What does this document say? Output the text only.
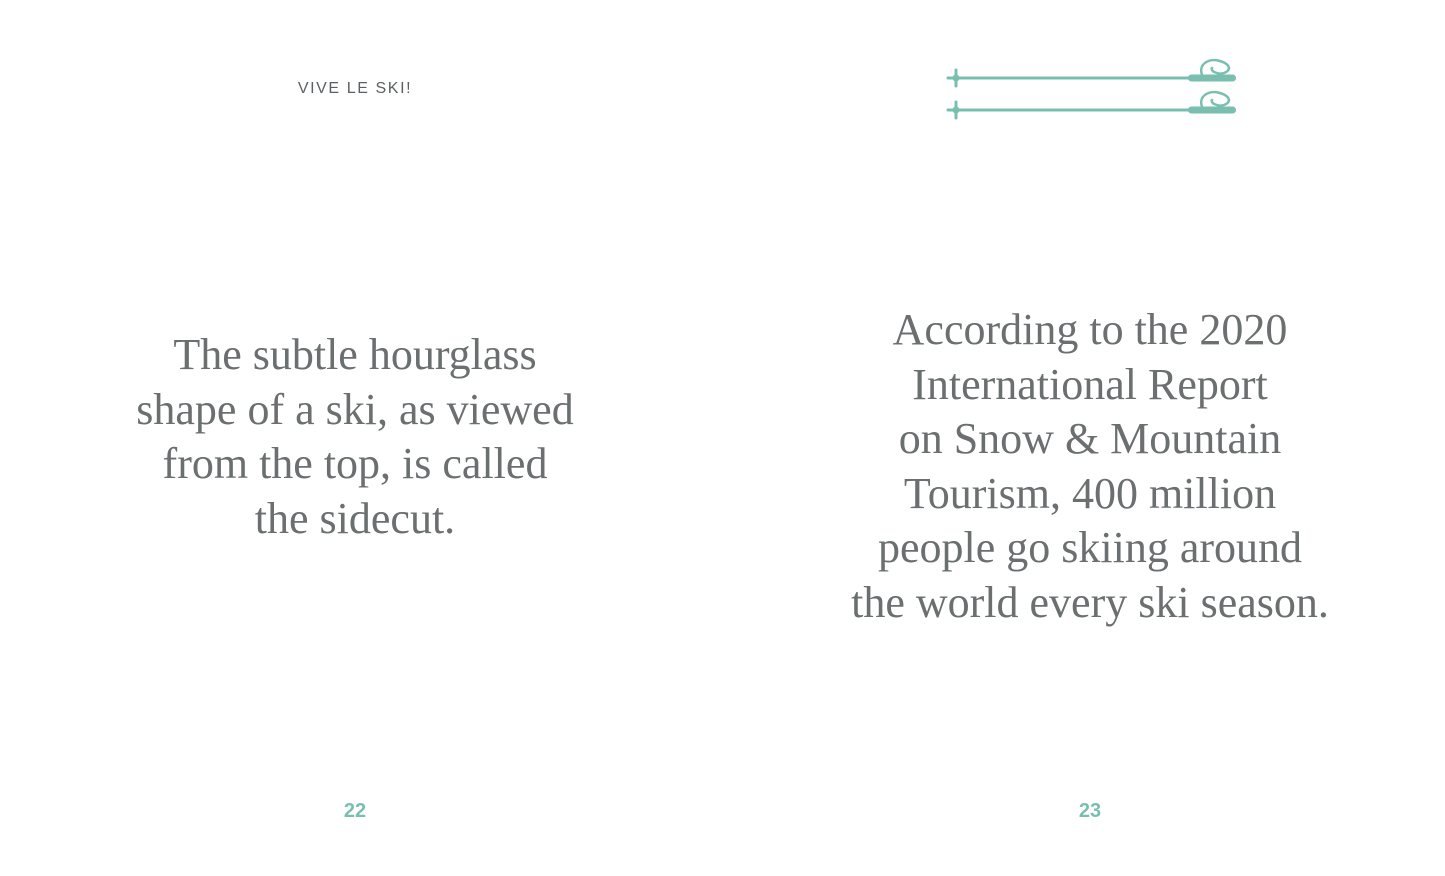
VIVE LE SKI!
The subtle hourglass
shape of a ski, as viewed
from the top, is called
the sidecut.
22
According to the 2020
International Report
on Snow & Mountain
Tourism, 400 million
people go skiing around
the world every ski season.
23
